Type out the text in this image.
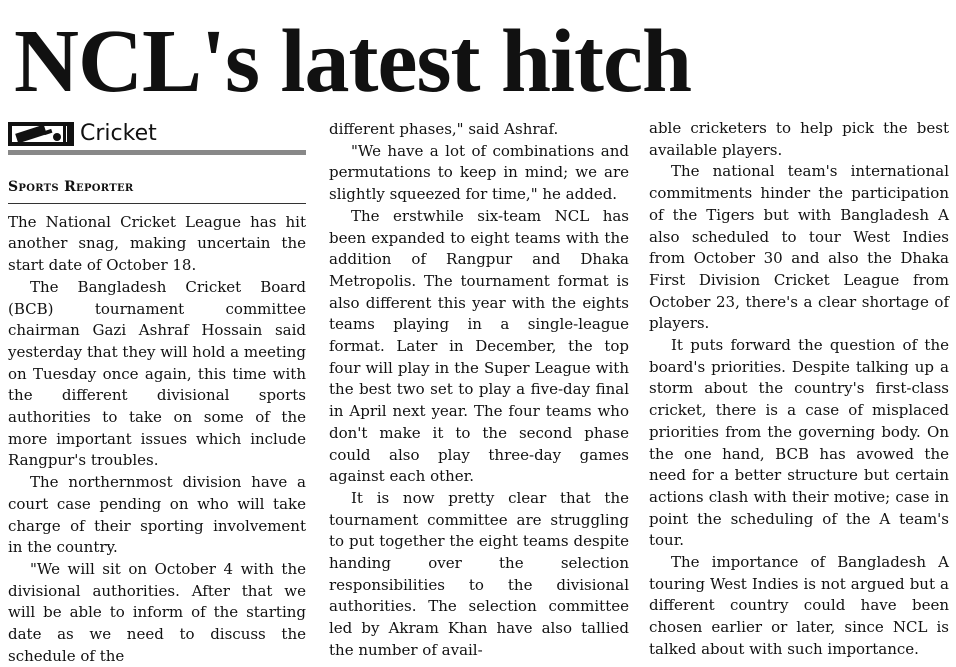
NCL's latest hitch
Cricket
Sports Reporter

The National Cricket League has hit another snag, making uncertain the start date of October 18.

The Bangladesh Cricket Board (BCB) tournament committee chairman Gazi Ashraf Hossain said yesterday that they will hold a meeting on Tuesday once again, this time with the different divisional sports authorities to take on some of the more important issues which include Rangpur's troubles.

The northernmost division have a court case pending on who will take charge of their sporting involvement in the country.

"We will sit on October 4 with the divisional authorities. After that we will be able to inform of the starting date as we need to discuss the schedule of the

different phases," said Ashraf.

"We have a lot of combinations and permutations to keep in mind; we are slightly squeezed for time," he added.

The erstwhile six-team NCL has been expanded to eight teams with the addition of Rangpur and Dhaka Metropolis. The tournament format is also different this year with the eights teams playing in a single-league format. Later in December, the top four will play in the Super League with the best two set to play a five-day final in April next year. The four teams who don't make it to the second phase could also play three-day games against each other.

It is now pretty clear that the tournament committee are struggling to put together the eight teams despite handing over the selection responsibilities to the divisional authorities. The selection committee led by Akram Khan have also tallied the number of avail-

able cricketers to help pick the best available players.

The national team's international commitments hinder the participation of the Tigers but with Bangladesh A also scheduled to tour West Indies from October 30 and also the Dhaka First Division Cricket League from October 23, there's a clear shortage of players.

It puts forward the question of the board's priorities. Despite talking up a storm about the country's first-class cricket, there is a case of misplaced priorities from the governing body. On the one hand, BCB has avowed the need for a better structure but certain actions clash with their motive; case in point the scheduling of the A team's tour.

The importance of Bangladesh A touring West Indies is not argued but a different country could have been chosen earlier or later, since NCL is talked about with such importance.
